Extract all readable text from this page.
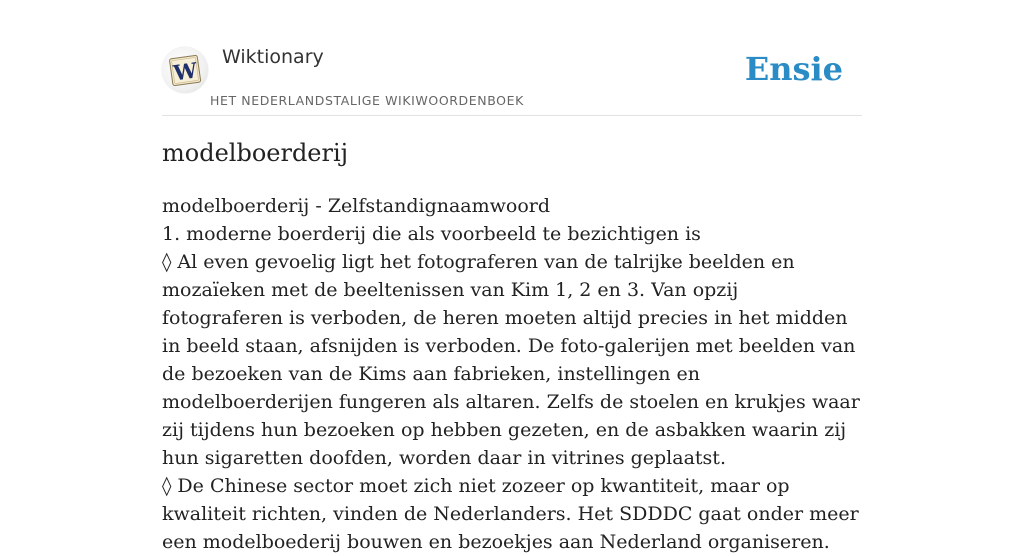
W
Wiktionary
HET NEDERLANDSTALIGE WIKIWOORDENBOEK
Ensie
modelboerderij

modelboerderij - Zelfstandignaamwoord

1. moderne boerderij die als voorbeeld te bezichtigen is

◊ Al even gevoelig ligt het fotograferen van de talrijke beelden en mozaïeken met de beeltenissen van Kim 1, 2 en 3. Van opzij fotograferen is verboden, de heren moeten altijd precies in het midden in beeld staan, afsnijden is verboden. De foto-galerijen met beelden van de bezoeken van de Kims aan fabrieken, instellingen en modelboerderijen fungeren als altaren. Zelfs de stoelen en krukjes waar zij tijdens hun bezoeken op hebben gezeten, en de asbakken waarin zij hun sigaretten doofden, worden daar in vitrines geplaatst.

◊ De Chinese sector moet zich niet zozeer op kwantiteit, maar op kwaliteit richten, vinden de Nederlanders. Het SDDDC gaat onder meer een modelboederij bouwen en bezoekjes aan Nederland organiseren.
